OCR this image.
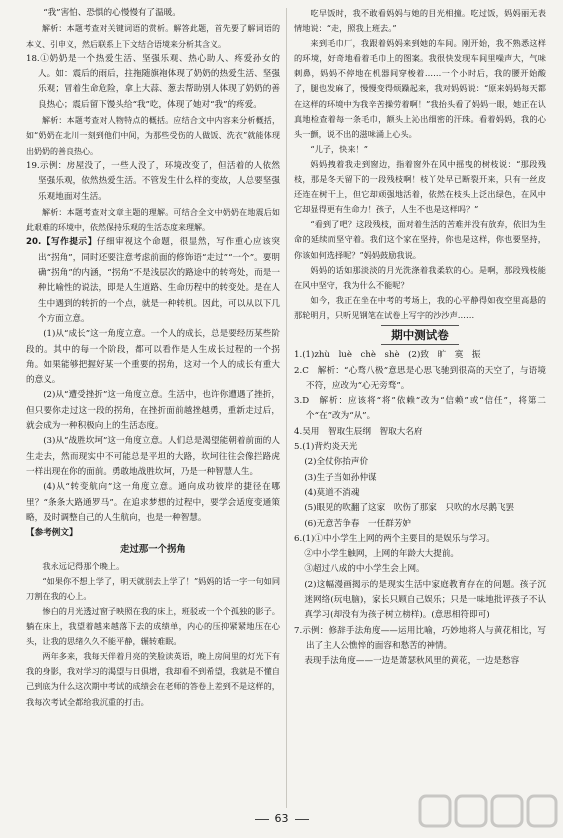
“我”害怕、恐惧的心慢慢有了温暖。

解析：本题考查对关键词语的赏析。解答此题，首先要了解词语的本义、引申义，然后联系上下文结合语境来分析其含义。

18.①奶奶是一个热爱生活、坚强乐观、热心助人、疼爱孙女的人。如：震后的雨后，拄拖随旗袍体现了奶奶的热爱生活、坚强乐观；冒着生命危险，拿上大蒜、葱去帮助别人体现了奶奶的善良热心；震后留下馒头给“我”吃，体现了她对“我”的疼爱。

解析：本题考查对人物特点的概括。应结合文中内容来分析概括，如“奶奶在北川一刻到他们中间，为那些受伤的人做饭、洗衣”就能体现出奶奶的善良热心。

19.示例：房屋没了，一些人没了，环境改变了，但活着的人依然坚强乐观，依然热爱生活。不管发生什么样的变故，人总要坚强乐观地面对生活。

解析：本题考查对文章主题的理解。可结合全文中奶奶在地震后如此艰难的环境中，依然保持乐观的生活态度来理解。

20.【写作提示】仔细审视这个命题，很显然，写作重心应该突出“拐角”，同时还要注意考虑前面的修饰语“走过”“一个”。要明确“拐角”的内涵，“拐角”不是浅层次的路途中的转弯处，而是一种比喻性的说法，即是人生道路、生命历程中的转变处。是在人生中遇到的转折的一个点，就是一种转机。因此，可以从以下几个方面立意。

(1)从“成长”这一角度立意。一个人的成长，总是要经历某些阶段的。其中的每一个阶段，都可以看作是人生成长过程的一个拐角。如果能够把握好某一个重要的拐角，这对一个人的成长有重大的意义。

(2)从“遭受挫折”这一角度立意。生活中，也许你遭遇了挫折，但只要你走过这一段的拐角，在挫折面前越挫越勇，重新走过后，就会成为一种积极向上的生活态度。

(3)从“战胜坎坷”这一角度立意。人们总是渴望能朝着前面的人生走去，然而现实中不可能总是平坦的大路，坎坷往往会像拦路虎一样出现在你的面前。勇敢地战胜坎坷，乃是一种智慧人生。

(4)从“转变航向”这一角度立意。通向成功彼岸的捷径在哪里？“条条大路通罗马”。在追求梦想的过程中，要学会适度变通策略，及时调整自己的人生航向，也是一种智慧。

【参考例文】

走过那一个拐角

我永远记得那个晚上。

“如果你不想上学了，明天就别去上学了！”妈妈的话一字一句如同刀割在我的心上。

惨白的月光透过窗子映照在我的床上，班驳或一个个孤独的影子。躺在床上，我望着越来越落下去的成绩单，内心的压抑紧紧地压在心头，让我的思绪久久不能平静，辗转难眠。

两年多来，我每天伴着月亮的笑脸读英语，晚上房间里的灯光下有我的身影，我对学习的渴望与日俱增，我却看不到希望，我就是不懂自己到底为什么这次期中考试的成绩会在老师的答卷上差到不是这样的，我每次考试全都给我沉重的打击。

吃早饭时，我不敢看妈妈与她的目光相撞。吃过饭，妈妈丽无表情地说：“走，照我上班去。”

来到毛巾厂，我跟着妈妈来到她的车间。刚开始，我不熟悉这样的环境，好奇地看着毛巾上的图案。我很快发现车间里噪声大，气味刺鼻，妈妈不停地在机器间穿梭着……一个小时后，我的腰开始酸了，腿也发麻了，慢慢变得烦躁起来，我对妈妈说：“原来妈妈每天都在这样的环境中为我辛苦操劳着啊！”我抬头看了妈妈一眼，她正在认真地检查着每一条毛巾，额头上沁出细密的汗珠。看着妈妈，我的心头一颤，说不出的滋味涌上心头。

“儿子，快来！”

妈妈拽着我走到窗边，指着窗外在风中摇曳的树枝说：“那段残枝，那是冬天留下的一段残枝啊！枝丫处早已断裂开来，只有一丝皮还连在树干上，但它却顽强地活着，依然在枝头上泛出绿色，在风中它却显得更有生命力！孩子，人生不也是这样吗？”

“看到了吧？这段残枝，面对着生活的苦难并没有放弃，依旧为生命的延续而坚守着。我们这个家在坚持，你也是这样，你也要坚持，你该如何选择呢？”妈妈鼓励我说。

妈妈的话如那淡淡的月光洗涤着我柔软的心。是啊，那段残枝能在风中坚守，我为什么不能呢？

如今，我正在坐在中考的考场上，我的心平静得如夜空里高悬的那轮明月，只听见钢笔在试卷上写字的沙沙声……

期中测试卷

1.(1)zhù　luè　chè　shè　(2)致　旷　寞　振

2.C　解析：“心骛八极”意思是心思飞驰到很高的天空了，与语境不符，应改为“心无旁骛”。

3.D　解析：应该将“将”依赖“改为“信赖”或“信任”，将第二个“在”改为“从”。

4.吴用　智取生辰纲　智取大名府

5.(1)背灼炎天光

(2)全仗你抬声价

(3)生子当如孙仲谋

(4)莫道不消魂

(5)眼见的吹翻了这家　吹伤了那家　只吹的水尽鹅飞罢

(6)无意苦争春　一任群芳妒

6.(1)①中小学生上网的两个主要目的是娱乐与学习。

②中小学生触网，上网的年龄大大提前。

③超过八成的中小学生会上网。

(2)这幅漫画揭示的是现实生活中家庭教育存在的问题。孩子沉迷网络(玩电脑)，家长只顾自己娱乐；只是一味地批评孩子不认真学习(却没有为孩子树立榜样)。(意思相符即可)

7.示例：修辞手法角度——运用比喻，巧妙地将人与黄花相比，写出了主人公憔悴的面容和愁苦的神情。

表现手法角度——一边是萧瑟秋风里的黄花，一边是愁容

63
